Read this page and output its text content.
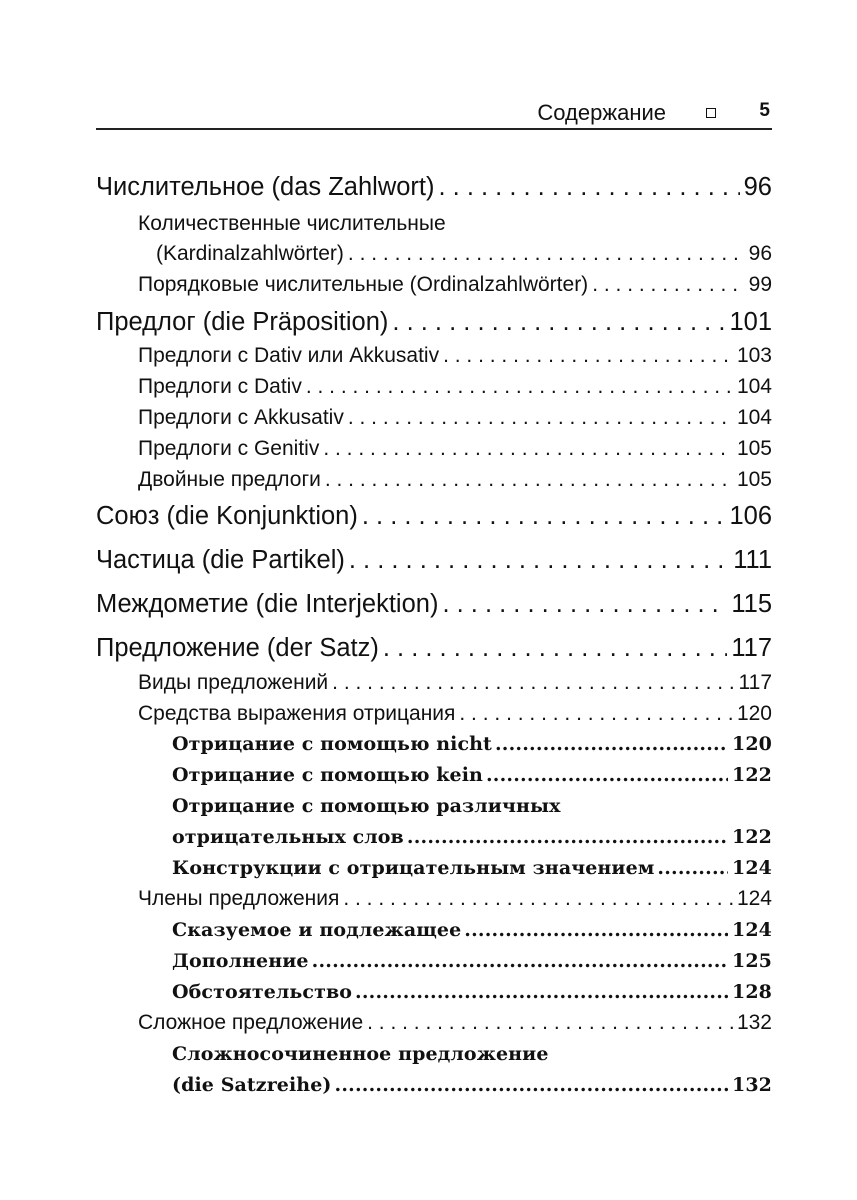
Содержание	5
Числительное (das Zahlwort) . . .	96
Количественные числительные
(Kardinalzahlwörter) . . .	96
Порядковые числительные (Ordinalzahlwörter) . . .	99
Предлог (die Präposition) . . .	101
Предлоги с Dativ или Akkusativ . . .	103
Предлоги с Dativ . . .	104
Предлоги с Akkusativ . . .	104
Предлоги с Genitiv . . .	105
Двойные предлоги . . .	105
Союз (die Konjunktion) . . .	106
Частица (die Partikel) . . .	111
Междометие (die Interjektion) . . .	115
Предложение (der Satz) . . .	117
Виды предложений . . .	117
Средства выражения отрицания . . .	120
Отрицание с помощью nicht .....	120
Отрицание с помощью kein .....	122
Отрицание с помощью различных
отрицательных слов .....	122
Конструкции с отрицательным значением .....	124
Члены предложения . . .	124
Сказуемое и подлежащее .....	124
Дополнение .....	125
Обстоятельство .....	128
Сложное предложение . . .	132
Сложносочиненное предложение
(die Satzreihe) .....	132
